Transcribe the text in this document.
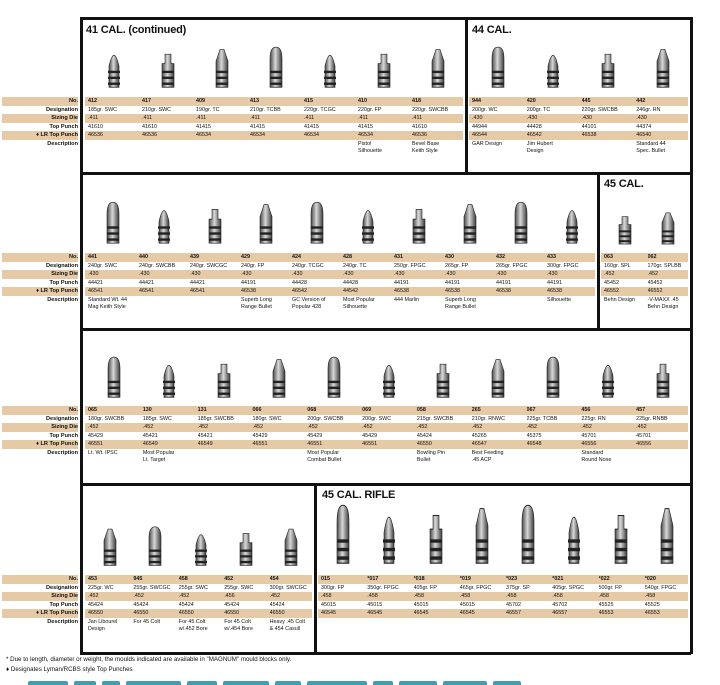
No.
Designation
Sizing Die
Top Punch
♦ LR Top Punch
Description
No.
Designation
Sizing Die
Top Punch
♦ LR Top Punch
Description
No.
Designation
Sizing Die
Top Punch
♦ LR Top Punch
Description
No.
Designation
Sizing Die
Top Punch
♦ LR Top Punch
Description
41 CAL. (continued)
412
185gr. SWC
.411
41610
46536
417
210gr. SWC
.411
41610
46536
409
190gr. TC
.411
41415
46534
413
210gr. TCBB
.411
41415
46534
415
220gr. TCGC
.411
41415
46534
410
220gr. FP
.411
41415
46534
Pistol
Silhouette
418
220gr. SWCBB
.411
41610
46536
Bevel Base
Keith Style
44 CAL.
944
200gr. WC
.430
44944
46544
GAR Design
420
200gr. TC
.430
44428
46542
Jim Hubert
Design
445
220gr. SWCBB
.430
44101
46538
442
246gr. RN
.430
44374
46540
Standard 44
Spec. Bullet
441
240gr. SWC
.430
44421
46541
Standard Wt. 44
Mag Keith Style
440
240gr. SWCBB
.430
44421
46541
439
240gr. SWCGC
.430
44421
46541
429
240gr. FP
.430
44191
46538
Superb Long
Range Bullet
424
240gr. TCGC
.430
44428
46542
GC Version of
Popular 428
428
240gr. TC
.430
44428
44542
Most Popular
Silhouette
431
250gr. FPGC
.430
44191
46538
444 Marlin
430
265gr. FP
.430
44191
46538
Superb Long
Range Bullet
432
265gr. FPGC
.430
44191
46538
433
300gr. FPGC
.430
44191
46538
Silhouette
45 CAL.
063
160gr. SPL
.452
45452
46552
Behn Design
062
170gr. SPLBB
.452
45452
46552
-V-MAXX .45
Behn Design
065
180gr. SWCBB
.452
45429
46551
Lt. Wt. IPSC
130
185gr. SWC
.452
45421
46549
Most Popular
Lt. Target
131
185gr. SWCBB
.452
45421
46549
066
180gr. SWC
.452
45429
46551
068
200gr. SWCBB
.452
45429
46551
Most Popular
Combat Bullet
069
200gr. SWC
.452
45429
46551
058
215gr. SWCBB
.452
45424
46550
Bowling Pin
Bullet
265
210gr. RNWC
.452
45265
46547
Best Feeding
.45 ACP
067
225gr. TCBB
.452
45375
46548
456
225gr. RN
.452
45701
46556
Standard
Round Nose
457
225gr. RNBB
.452
45701
46556
453
225gr. WC
.452
45424
46550
Jan Libourel
Design
945
255gr. SWCGC
.452
45424
46550
For 45 Colt
458
255gr. SWC
.452
45424
46550
For 45 Colt
w/.452 Bore
452
255gr. SWC
.456
45424
46550
For 45 Colt
w/.454 Bore
454
300gr. SWCGC
.452
45424
46550
Heavy .45 Colt
& 454 Casull
45 CAL. RIFLE
015
300gr. FP
.458
45015
46545
*017
350gr. FPGC
.458
45015
46545
*018
405gr. FP
.458
45015
46545
*019
465gr. FPGC
.458
45015
46545
*023
375gr. SP
.458
45702
46557
*021
405gr. SPGC
.458
45702
46557
*022
500gr. FP
.458
45525
46553
*020
540gr. FPGC
.458
45525
46553
* Due to length, diameter or weight, the moulds indicated are available in "MAGNUM" mould blocks only.
♦ Designates Lyman/RCBS style Top Punches
